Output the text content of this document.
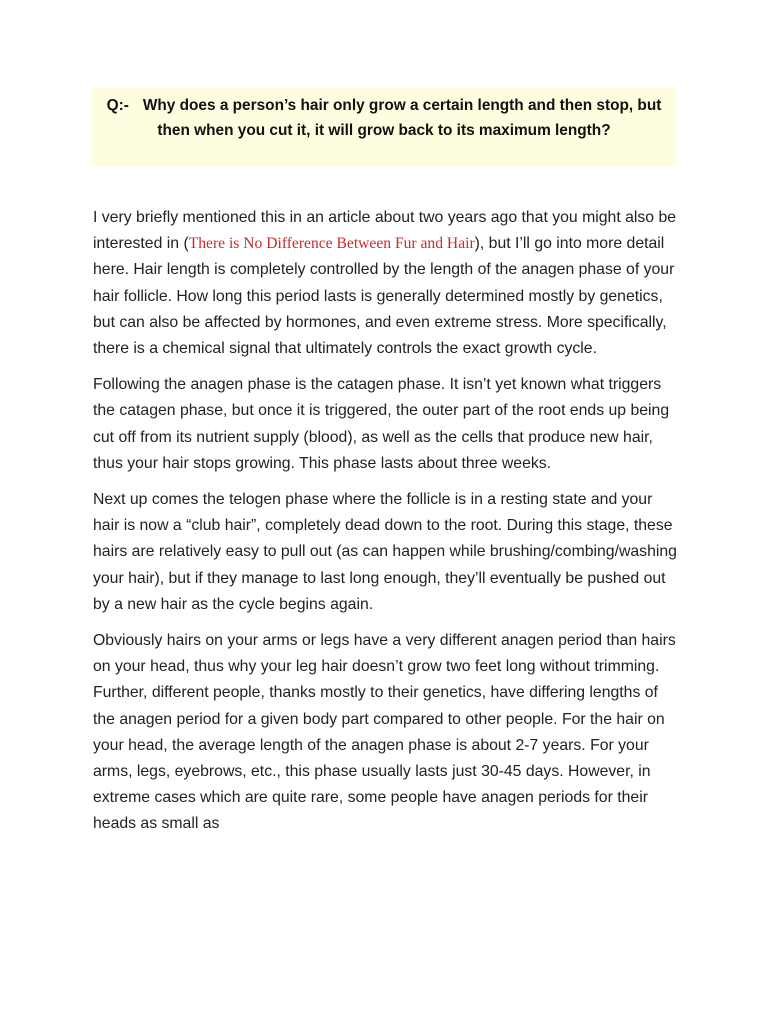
Q:- Why does a person’s hair only grow a certain length and then stop, but then when you cut it, it will grow back to its maximum length?

I very briefly mentioned this in an article about two years ago that you might also be interested in (There is No Difference Between Fur and Hair), but I’ll go into more detail here. Hair length is completely controlled by the length of the anagen phase of your hair follicle. How long this period lasts is generally determined mostly by genetics, but can also be affected by hormones, and even extreme stress. More specifically, there is a chemical signal that ultimately controls the exact growth cycle.

Following the anagen phase is the catagen phase. It isn’t yet known what triggers the catagen phase, but once it is triggered, the outer part of the root ends up being cut off from its nutrient supply (blood), as well as the cells that produce new hair, thus your hair stops growing. This phase lasts about three weeks.

Next up comes the telogen phase where the follicle is in a resting state and your hair is now a “club hair”, completely dead down to the root. During this stage, these hairs are relatively easy to pull out (as can happen while brushing/combing/washing your hair), but if they manage to last long enough, they’ll eventually be pushed out by a new hair as the cycle begins again.

Obviously hairs on your arms or legs have a very different anagen period than hairs on your head, thus why your leg hair doesn’t grow two feet long without trimming. Further, different people, thanks mostly to their genetics, have differing lengths of the anagen period for a given body part compared to other people. For the hair on your head, the average length of the anagen phase is about 2-7 years. For your arms, legs, eyebrows, etc., this phase usually lasts just 30-45 days. However, in extreme cases which are quite rare, some people have anagen periods for their heads as small as
